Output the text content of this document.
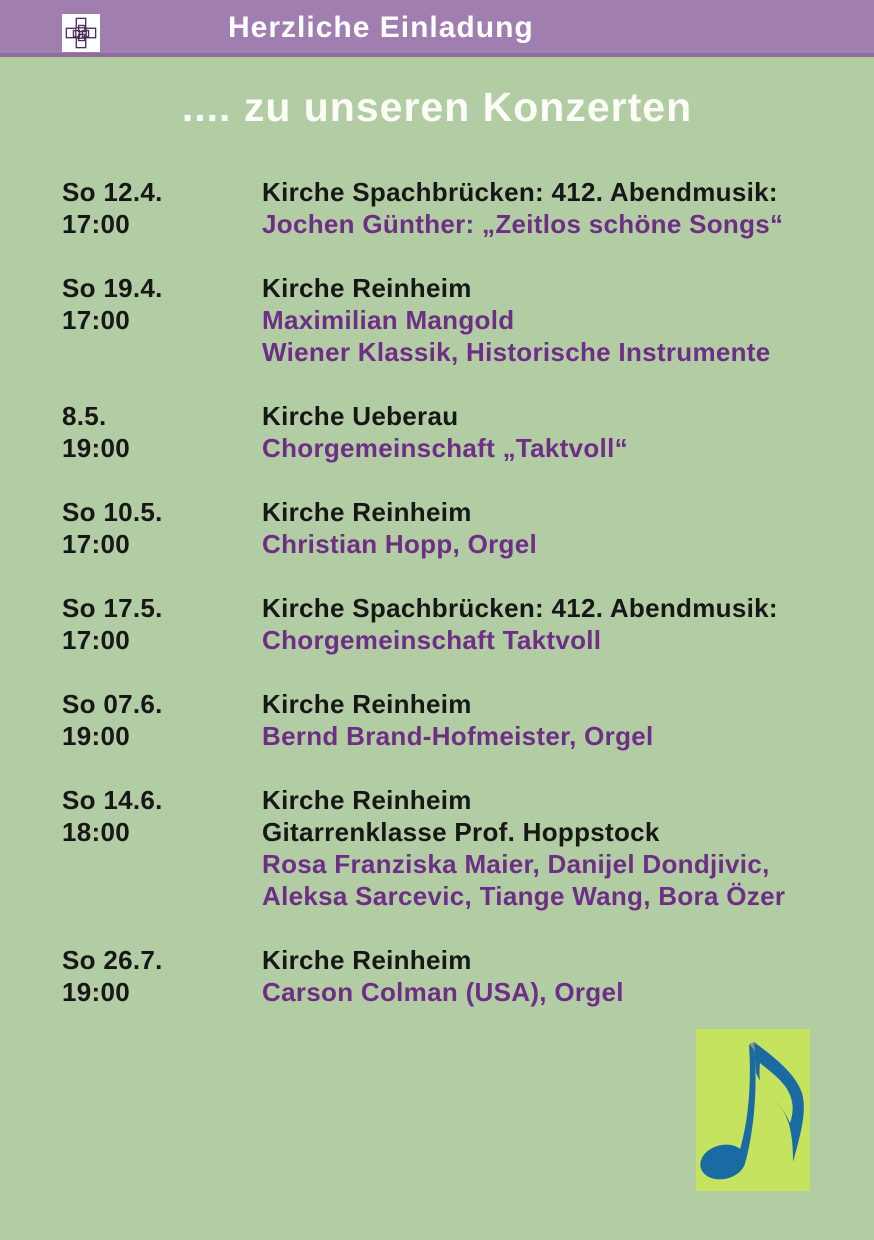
Herzliche Einladung
.... zu unseren Konzerten
So 12.4.
17:00
Kirche Spachbrücken: 412. Abendmusik:
Jochen Günther: „Zeitlos schöne Songs“
So 19.4.
17:00
Kirche Reinheim
Maximilian Mangold
Wiener Klassik, Historische Instrumente
8.5.
19:00
Kirche Ueberau
Chorgemeinschaft „Taktvoll“
So 10.5.
17:00
Kirche Reinheim
Christian Hopp, Orgel
So 17.5.
17:00
Kirche Spachbrücken: 412. Abendmusik:
Chorgemeinschaft Taktvoll
So 07.6.
19:00
Kirche Reinheim
Bernd Brand-Hofmeister, Orgel
So 14.6.
18:00
Kirche Reinheim
Gitarrenklasse Prof. Hoppstock
Rosa Franziska Maier, Danijel Dondjivic,
Aleksa Sarcevic, Tiange Wang, Bora Özer
So 26.7.
19:00
Kirche Reinheim
Carson Colman (USA), Orgel
